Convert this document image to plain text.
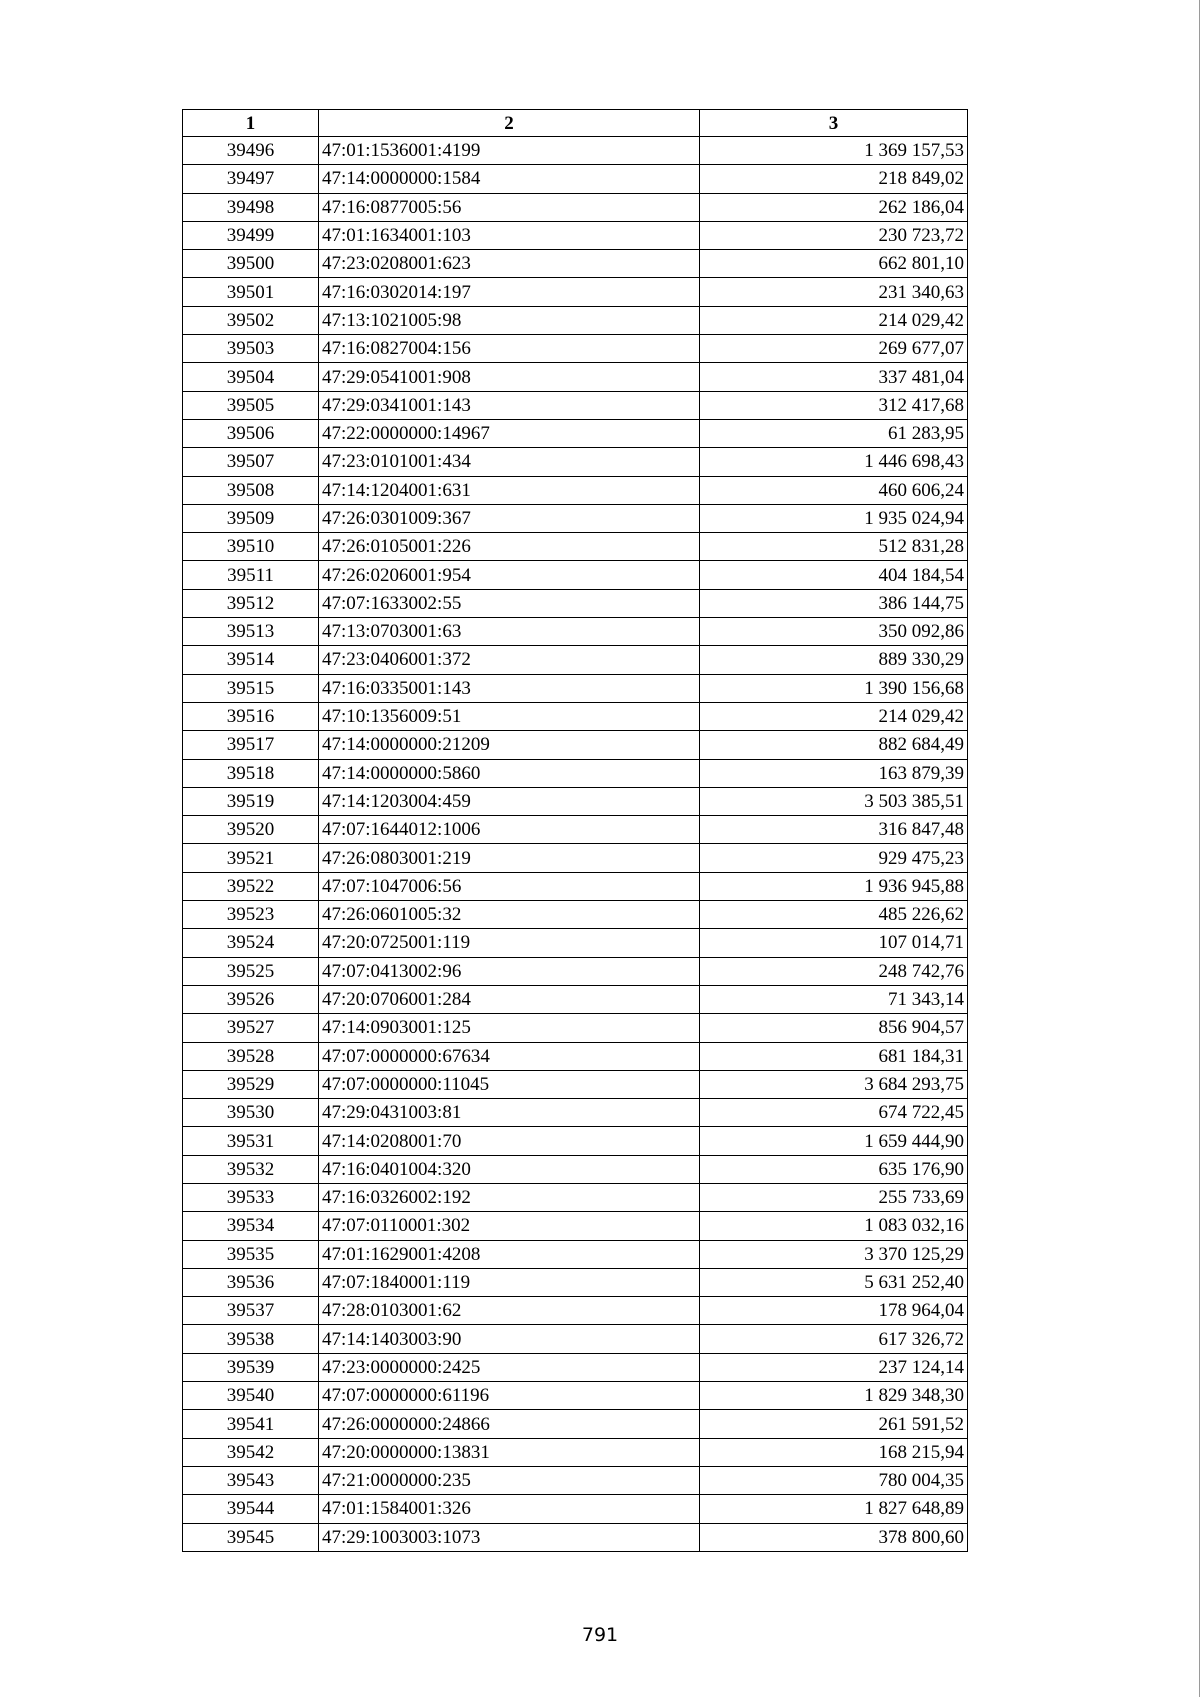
1	2	3
39496	47:01:1536001:4199	1 369 157,53
39497	47:14:0000000:1584	218 849,02
39498	47:16:0877005:56	262 186,04
39499	47:01:1634001:103	230 723,72
39500	47:23:0208001:623	662 801,10
39501	47:16:0302014:197	231 340,63
39502	47:13:1021005:98	214 029,42
39503	47:16:0827004:156	269 677,07
39504	47:29:0541001:908	337 481,04
39505	47:29:0341001:143	312 417,68
39506	47:22:0000000:14967	61 283,95
39507	47:23:0101001:434	1 446 698,43
39508	47:14:1204001:631	460 606,24
39509	47:26:0301009:367	1 935 024,94
39510	47:26:0105001:226	512 831,28
39511	47:26:0206001:954	404 184,54
39512	47:07:1633002:55	386 144,75
39513	47:13:0703001:63	350 092,86
39514	47:23:0406001:372	889 330,29
39515	47:16:0335001:143	1 390 156,68
39516	47:10:1356009:51	214 029,42
39517	47:14:0000000:21209	882 684,49
39518	47:14:0000000:5860	163 879,39
39519	47:14:1203004:459	3 503 385,51
39520	47:07:1644012:1006	316 847,48
39521	47:26:0803001:219	929 475,23
39522	47:07:1047006:56	1 936 945,88
39523	47:26:0601005:32	485 226,62
39524	47:20:0725001:119	107 014,71
39525	47:07:0413002:96	248 742,76
39526	47:20:0706001:284	71 343,14
39527	47:14:0903001:125	856 904,57
39528	47:07:0000000:67634	681 184,31
39529	47:07:0000000:11045	3 684 293,75
39530	47:29:0431003:81	674 722,45
39531	47:14:0208001:70	1 659 444,90
39532	47:16:0401004:320	635 176,90
39533	47:16:0326002:192	255 733,69
39534	47:07:0110001:302	1 083 032,16
39535	47:01:1629001:4208	3 370 125,29
39536	47:07:1840001:119	5 631 252,40
39537	47:28:0103001:62	178 964,04
39538	47:14:1403003:90	617 326,72
39539	47:23:0000000:2425	237 124,14
39540	47:07:0000000:61196	1 829 348,30
39541	47:26:0000000:24866	261 591,52
39542	47:20:0000000:13831	168 215,94
39543	47:21:0000000:235	780 004,35
39544	47:01:1584001:326	1 827 648,89
39545	47:29:1003003:1073	378 800,60
791
